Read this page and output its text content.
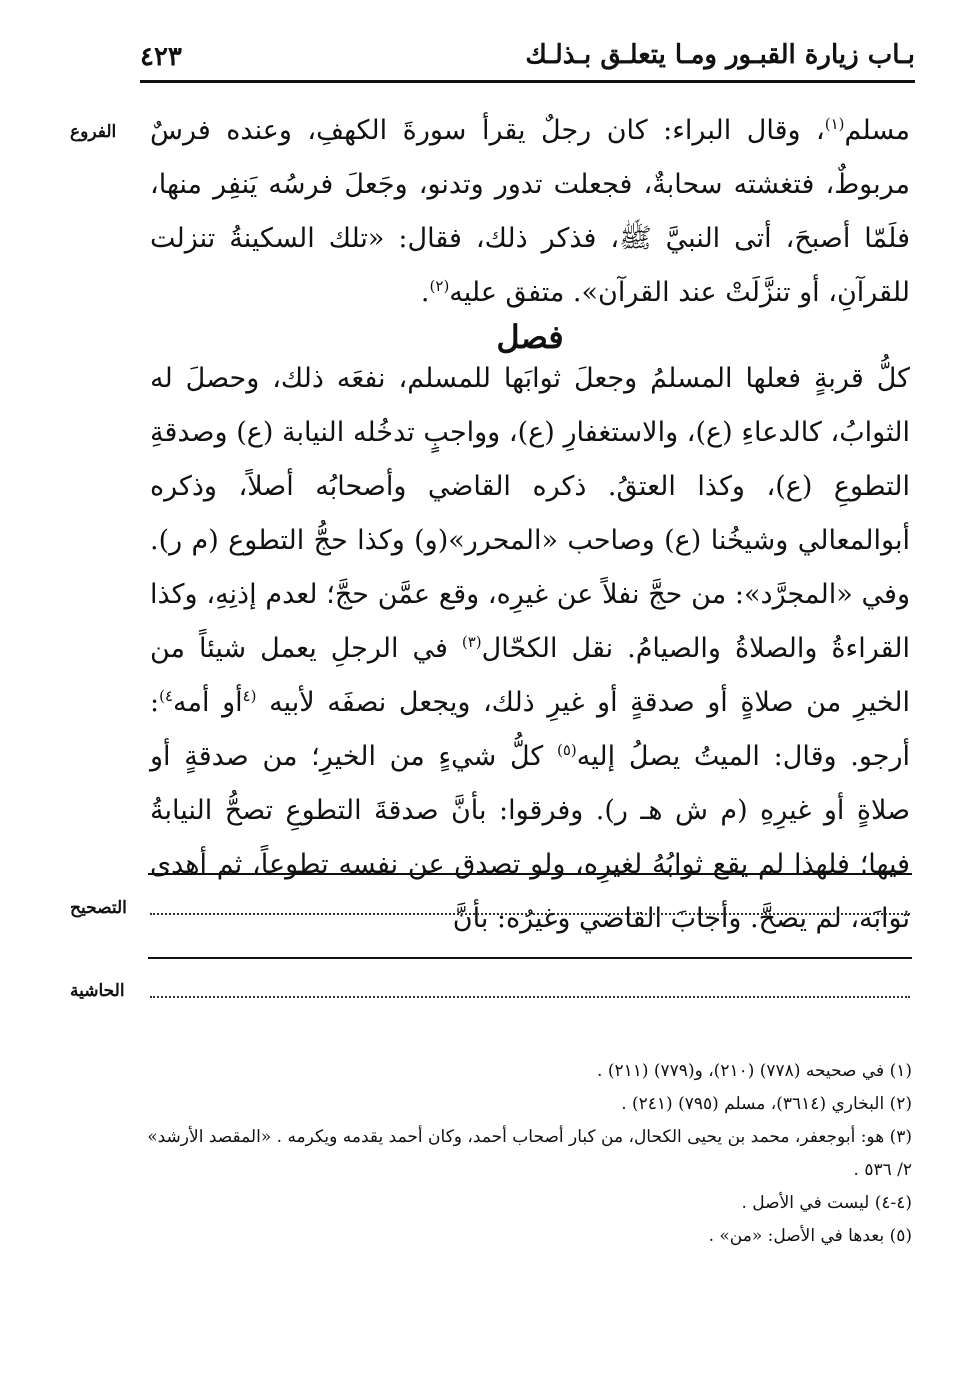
بـاب زيارة القبـور ومـا يتعلـق بـذلـك
٤٢٣
الفروع	مسلم$^{(١)}$، وقال البراء: كان رجلٌ يقرأ سورةَ الكهفِ، وعنده فرسٌ مربوطٌ، فتغشته سحابةٌ، فجعلت تدور وتدنو، وجَعلَ فرسُه يَنفِر منها، فلَمّا أصبحَ، أتى النبيَّ ﷺ، فذكر ذلك، فقال: «تلك السكينةُ تنزلت للقرآنِ، أو تنزَّلَتْ عند القرآن». متفق عليه$^{(٢)}$.

فصل

كلُّ قربةٍ فعلها المسلمُ وجعلَ ثوابَها للمسلم، نفعَه ذلك، وحصلَ له الثوابُ، كالدعاءِ (ع)، والاستغفارِ (ع)، وواجبٍ تدخُله النيابة (ع) وصدقةِ التطوعِ (ع)، وكذا العتقُ. ذكره القاضي وأصحابُه أصلاً، وذكره أبوالمعالي وشيخُنا (ع) وصاحب «المحرر»(و) وكذا حجُّ التطوع (م ر). وفي «المجرَّد»: من حجَّ نفلاً عن غيرِه، وقع عمَّن حجَّ؛ لعدم إذنِهِ، وكذا القراءةُ والصلاةُ والصيامُ. نقل الكحّال$^{(٣)}$ في الرجلِ يعمل شيئاً من الخيرِ من صلاةٍ أو صدقةٍ أو غيرِ ذلك، ويجعل نصفَه لأبيه $^{(٤}$أو أمه$^{٤)}$: أرجو. وقال: الميتُ يصلُ إليه$^{(٥)}$ كلُّ شيءٍ من الخيرِ؛ من صدقةٍ أو صلاةٍ أو غيرِهِ (م ش هـ ر). وفرقوا: بأنَّ صدقةَ التطوعِ تصحُّ النيابةُ فيها؛ فلهذا لم يقع ثوابُهُ لغيرِه، ولو تصدق عن نفسه تطوعاً، ثم أهدى ثوابَه، لم يصحَّ. وأجابَ القاضي وغيرُه: بأنَّ

التصحيح
الحاشية

(١) في صحيحه (٧٧٨) (٢١٠)، و(٧٧٩) (٢١١) .

(٢) البخاري (٣٦١٤)، مسلم (٧٩٥) (٢٤١) .

(٣) هو: أبوجعفر، محمد بن يحيى الكحال، من كبار أصحاب أحمد، وكان أحمد يقدمه ويكرمه . «المقصد الأرشد»

٢/ ٥٣٦ .

(٤-٤) ليست في الأصل .

(٥) بعدها في الأصل: «من» .
